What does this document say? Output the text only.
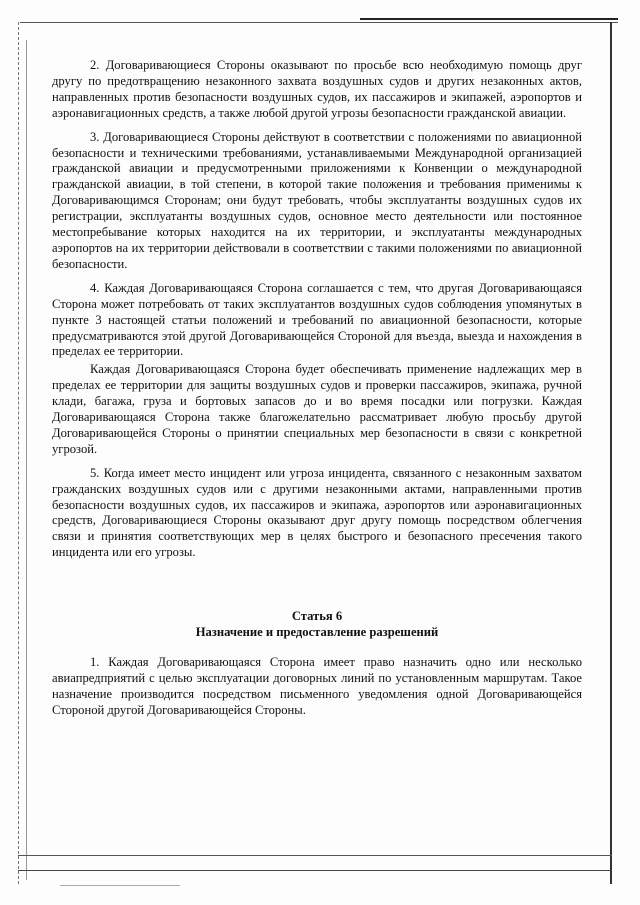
2. Договаривающиеся Стороны оказывают по просьбе всю необходимую помощь друг другу по предотвращению незаконного захвата воздушных судов и других незаконных актов, направленных против безопасности воздушных судов, их пассажиров и экипажей, аэропортов и аэронавигационных средств, а также любой другой угрозы безопасности гражданской авиации.

3. Договаривающиеся Стороны действуют в соответствии с положениями по авиационной безопасности и техническими требованиями, устанавливаемыми Международной организацией гражданской авиации и предусмотренными приложениями к Конвенции о международной гражданской авиации, в той степени, в которой такие положения и требования применимы к Договаривающимся Сторонам; они будут требовать, чтобы эксплуатанты воздушных судов их регистрации, эксплуатанты воздушных судов, основное место деятельности или постоянное местопребывание которых находится на их территории, и эксплуатанты международных аэропортов на их территории действовали в соответствии с такими положениями по авиационной безопасности.

4. Каждая Договаривающаяся Сторона соглашается с тем, что другая Договаривающаяся Сторона может потребовать от таких эксплуатантов воздушных судов соблюдения упомянутых в пункте 3 настоящей статьи положений и требований по авиационной безопасности, которые предусматриваются этой другой Договаривающейся Стороной для въезда, выезда и нахождения в пределах ее территории.

Каждая Договаривающаяся Сторона будет обеспечивать применение надлежащих мер в пределах ее территории для защиты воздушных судов и проверки пассажиров, экипажа, ручной клади, багажа, груза и бортовых запасов до и во время посадки или погрузки. Каждая Договаривающаяся Сторона также благожелательно рассматривает любую просьбу другой Договаривающейся Стороны о принятии специальных мер безопасности в связи с конкретной угрозой.

5. Когда имеет место инцидент или угроза инцидента, связанного с незаконным захватом гражданских воздушных судов или с другими незаконными актами, направленными против безопасности воздушных судов, их пассажиров и экипажа, аэропортов или аэронавигационных средств, Договаривающиеся Стороны оказывают друг другу помощь посредством облегчения связи и принятия соответствующих мер в целях быстрого и безопасного пресечения такого инцидента или его угрозы.

Статья 6

Назначение и предоставление разрешений

1. Каждая Договаривающаяся Сторона имеет право назначить одно или несколько авиапредприятий с целью эксплуатации договорных линий по установленным маршрутам. Такое назначение производится посредством письменного уведомления одной Договаривающейся Стороной другой Договаривающейся Стороны.
